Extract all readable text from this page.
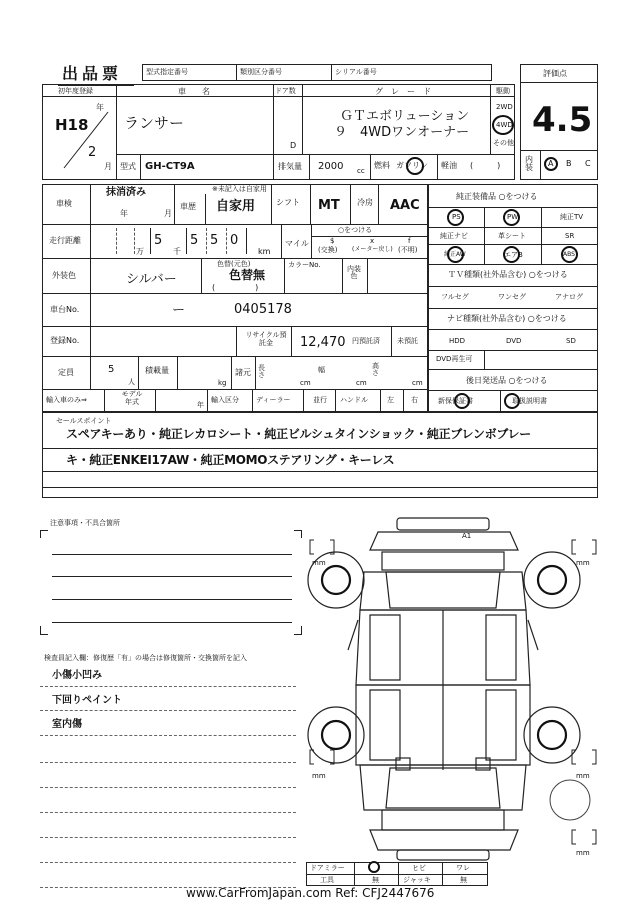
出品票	型式指定番号	類別区分番号	シリアル番号	評価点
4.5
内装 A B C
初年度登録
H18
年
2
月
車　　名
ランサー
ドア数
D
グ　レ　ー　ド
ＧＴエボリューション
９　4WDワンオーナー
駆動
2WD
4WD
その他
型式 GH-CT9A	排気量 2000 cc
燃料 ガソリン 軽油 (　　　)
車検
抹消済み
年	月
※未記入は自家用
車歴 自家用	シフト MT 冷房 AAC
走行距離	5 5 5 0
万	千	km
マイル
○をつける
$	x	f
(交換) (メーター戻し) (不明)
外装色	シルバー
色替(元色)
色替無
(　　　　　)
カラーNo.	内装色
車台No.	ー	0405178
登録No.
リサイクル預託金	12,470 円預託済 未預託
定員	5
人
積載量
kg
諸元 長さ
cm
幅
cm
高さ
cm
輸入車のみ⇒
モデル年式	年
輸入区分 ディーラー	並行 ハンドル	左 右
純正装備品 ○をつける
PS	PW	純正TV
純正ナビ	革シート	SR
純正AW	エアB	ABS
ＴＶ種類(社外品含む) ○をつける
フルセグ	ワンセグ	アナログ
ナビ種類(社外品含む) ○をつける
HDD	DVD	SD
DVD再生可
後日発送品 ○をつける
新保保証書	取扱説明書
セールスポイント
スペアキーあり・純正レカロシート・純正ビルシュタインショック・純正ブレンボブレー
キ・純正ENKEI17AW・純正MOMOステアリング・キーレス
注意事項・不具合箇所
検査員記入欄：修復歴「有」の場合は修復箇所・交換箇所を記入
小傷小凹み
下回りペイント
室内傷
A1
mm	mm
mm	mm
mm
ドアミラー	ヒビ	ワレ
工具	無	ジャッキ	無
www.CarFromJapan.com Ref: CFJ2447676
